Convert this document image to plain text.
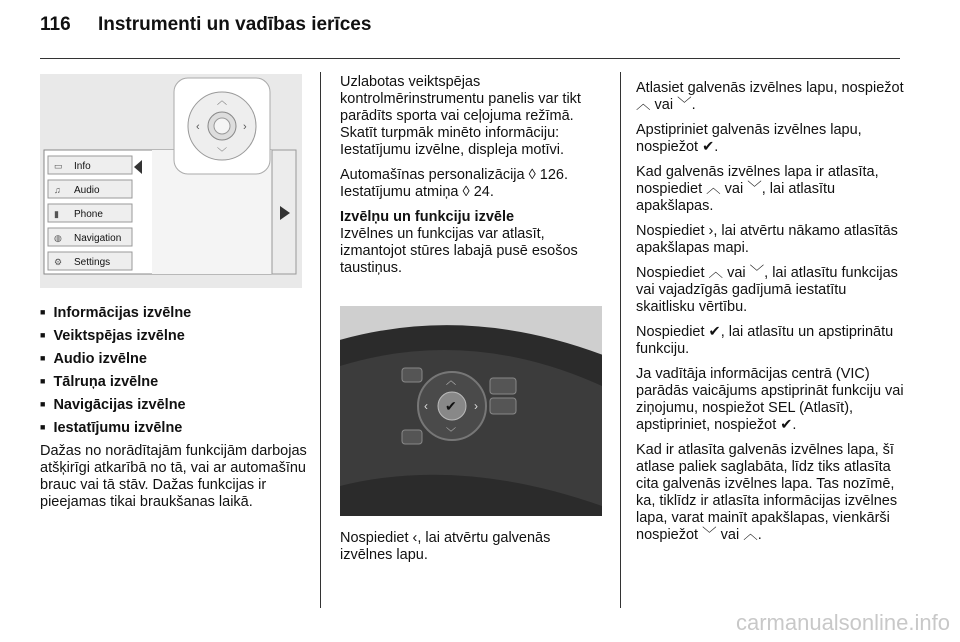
116 Instrumenti un vadības ierīces
▭ Info
♫ Audio
▮ Phone
◍ Navigation
⚙ Settings
︿
﹀
‹	›
■ Informācijas izvēlne
■ Veiktspējas izvēlne
■ Audio izvēlne
■ Tālruņa izvēlne
■ Navigācijas izvēlne
■ Iestatījumu izvēlne

Dažas no norādītajām funkcijām darbojas atšķirīgi atkarībā no tā, vai ar automašīnu brauc vai tā stāv. Dažas funkcijas ir pieejamas tikai braukšanas laikā.

Uzlabotas veiktspējas kontrolmērinstrumentu panelis var tikt parādīts sporta vai ceļojuma režīmā. Skatīt turpmāk minēto informāciju: Iestatījumu izvēlne, displeja motīvi.

Automašīnas personalizācija ◊ 126. Iestatījumu atmiņa ◊ 24.

Izvēlņu un funkciju izvēle

Izvēlnes un funkcijas var atlasīt, izmantojot stūres labajā pusē esošos taustiņus.

✔
︿
﹀
‹	›

Nospiediet ‹, lai atvērtu galvenās izvēlnes lapu.

Atlasiet galvenās izvēlnes lapu, nospiežot ︿ vai ﹀.

Apstipriniet galvenās izvēlnes lapu, nospiežot ✔.

Kad galvenās izvēlnes lapa ir atlasīta, nospiediet ︿ vai ﹀, lai atlasītu apakšlapas.

Nospiediet ›, lai atvērtu nākamo atlasītās apakšlapas mapi.

Nospiediet ︿ vai ﹀, lai atlasītu funkcijas vai vajadzīgās gadījumā iestatītu skaitlisku vērtību.

Nospiediet ✔, lai atlasītu un apstiprinātu funkciju.

Ja vadītāja informācijas centrā (VIC) parādās vaicājums apstiprināt funkciju vai ziņojumu, nospiežot SEL (Atlasīt), apstipriniet, nospiežot ✔.

Kad ir atlasīta galvenās izvēlnes lapa, šī atlase paliek saglabāta, līdz tiks atlasīta cita galvenās izvēlnes lapa. Tas nozīmē, ka, tiklīdz ir atlasīta informācijas izvēlnes lapa, varat mainīt apakšlapas, vienkārši nospiežot ﹀ vai ︿.

carmanualsonline.info
